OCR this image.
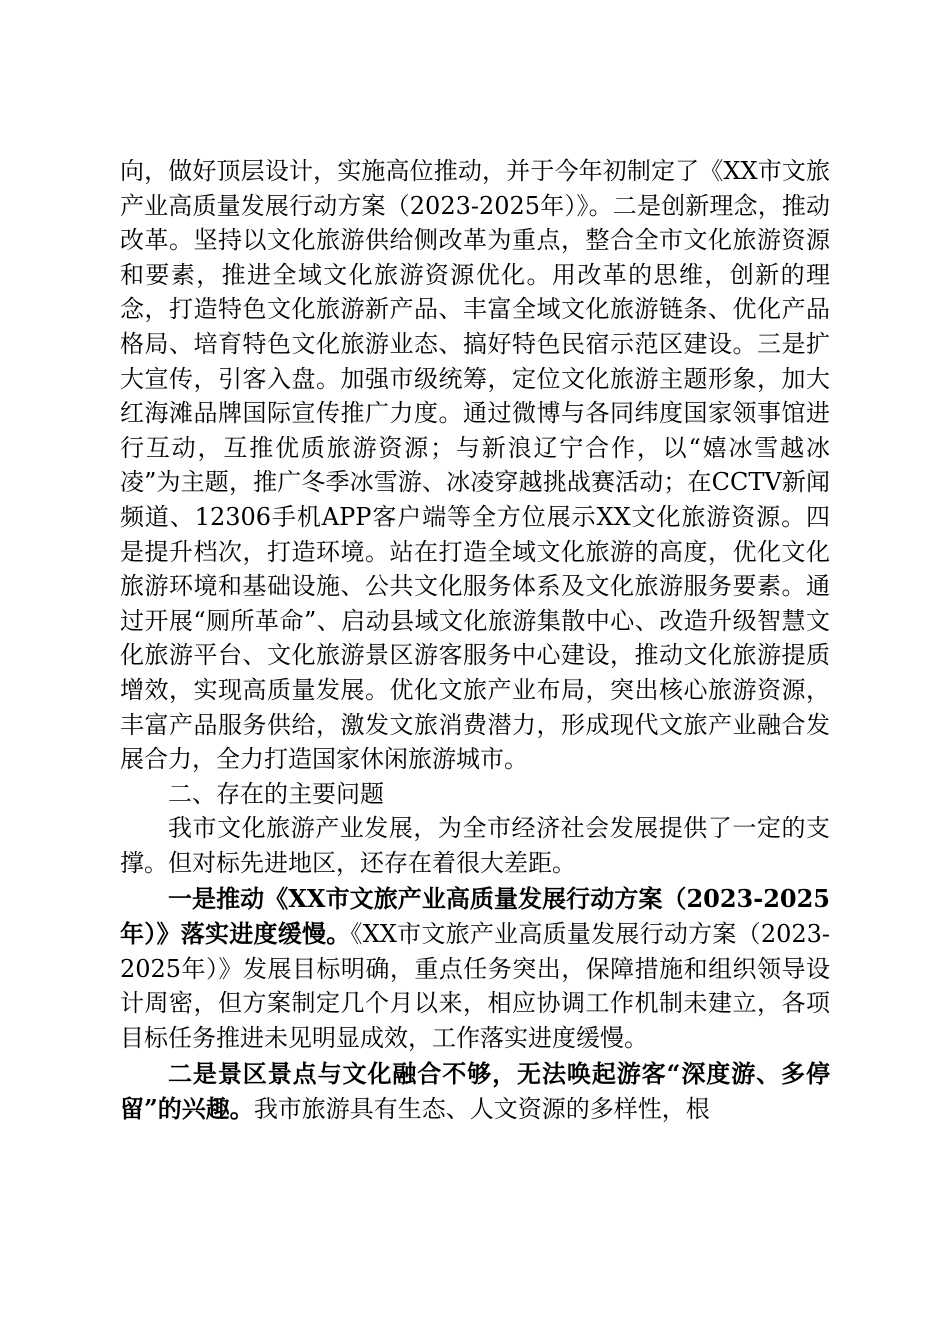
向，做好顶层设计，实施高位推动，并于今年初制定了《XX市文旅产业高质量发展行动方案（2023-2025年）》。二是创新理念，推动改革。坚持以文化旅游供给侧改革为重点，整合全市文化旅游资源和要素，推进全域文化旅游资源优化。用改革的思维，创新的理念，打造特色文化旅游新产品、丰富全域文化旅游链条、优化产品格局、培育特色文化旅游业态、搞好特色民宿示范区建设。三是扩大宣传，引客入盘。加强市级统筹，定位文化旅游主题形象，加大红海滩品牌国际宣传推广力度。通过微博与各同纬度国家领事馆进行互动，互推优质旅游资源；与新浪辽宁合作，以“嬉冰雪越冰凌”为主题，推广冬季冰雪游、冰凌穿越挑战赛活动；在CCTV新闻频道、12306手机APP客户端等全方位展示XX文化旅游资源。四是提升档次，打造环境。站在打造全域文化旅游的高度，优化文化旅游环境和基础设施、公共文化服务体系及文化旅游服务要素。通过开展“厕所革命”、启动县域文化旅游集散中心、改造升级智慧文化旅游平台、文化旅游景区游客服务中心建设，推动文化旅游提质增效，实现高质量发展。优化文旅产业布局，突出核心旅游资源，丰富产品服务供给，激发文旅消费潜力，形成现代文旅产业融合发展合力，全力打造国家休闲旅游城市。

二、存在的主要问题

我市文化旅游产业发展，为全市经济社会发展提供了一定的支撑。但对标先进地区，还存在着很大差距。

一是推动《XX市文旅产业高质量发展行动方案（2023-2025年）》落实进度缓慢。《XX市文旅产业高质量发展行动方案（2023-2025年）》发展目标明确，重点任务突出，保障措施和组织领导设计周密，但方案制定几个月以来，相应协调工作机制未建立，各项目标任务推进未见明显成效，工作落实进度缓慢。

二是景区景点与文化融合不够，无法唤起游客“深度游、多停留”的兴趣。我市旅游具有生态、人文资源的多样性，根
